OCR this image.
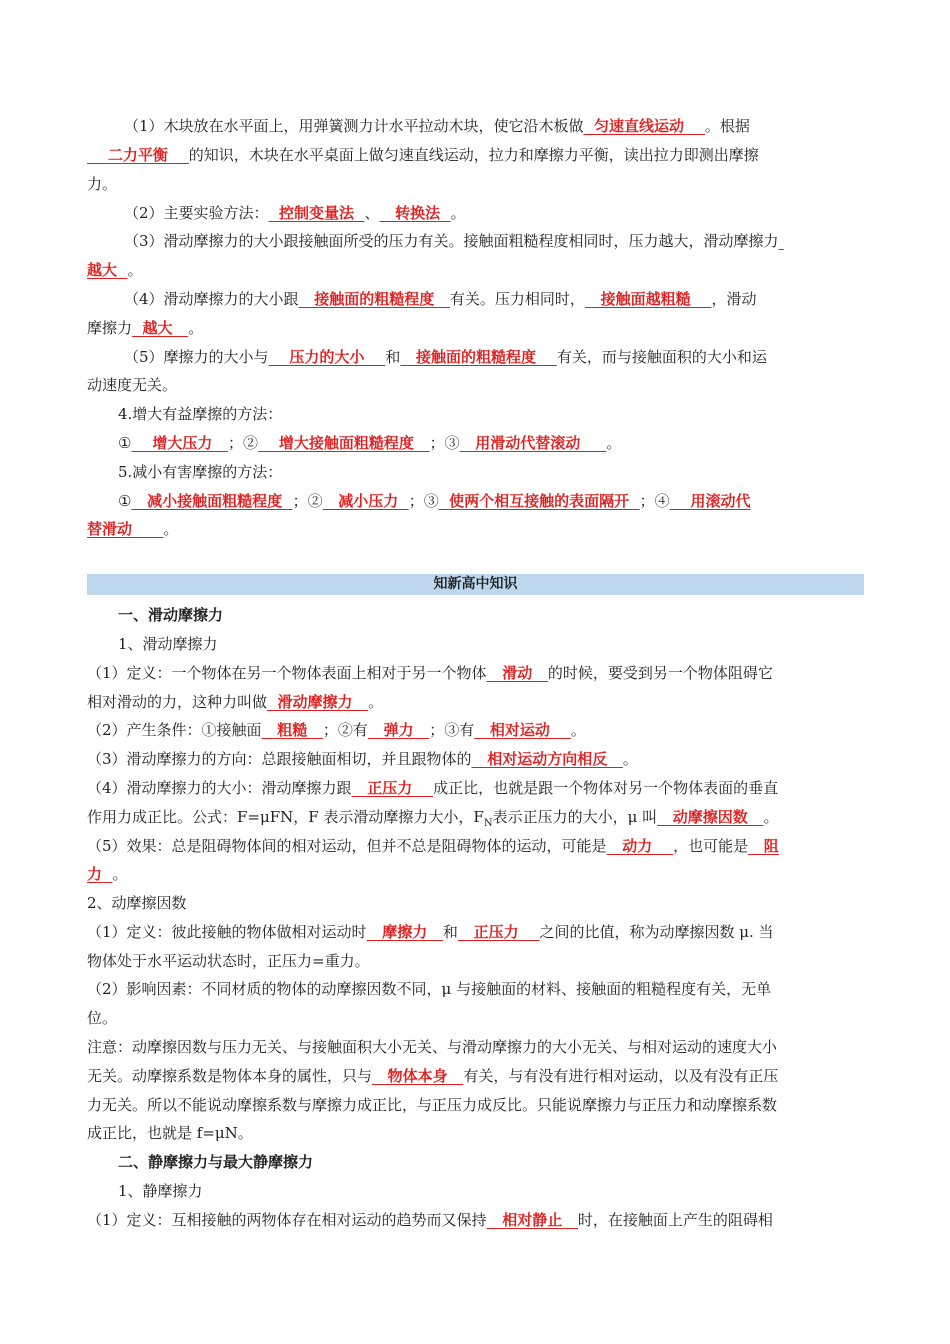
（1）木块放在水平面上，用弹簧测力计水平拉动木块，使它沿木板做  匀速直线运动    。根据
二力平衡    的知识，木块在水平桌面上做匀速直线运动，拉力和摩擦力平衡，读出拉力即测出摩擦
力。
（2）主要实验方法：  控制变量法  、   转换法  。
（3）滑动摩擦力的大小跟接触面所受的压力有关。接触面粗糙程度相同时，压力越大，滑动摩擦力
越大  。
（4）滑动摩擦力的大小跟   接触面的粗糙程度   有关。压力相同时，   接触面越粗糙    ，滑动
摩擦力  越大   。
（5）摩擦力的大小与    压力的大小    和   接触面的粗糙程度    有关，而与接触面积的大小和运
动速度无关。
4.增大有益摩擦的方法：
①    增大压力   ；②    增大接触面粗糙程度   ；③   用滑动代替滚动     。
5.减小有害摩擦的方法：
①   减小接触面粗糙程度  ；②   减小压力  ；③  使两个相互接触的表面隔开  ；④    用滚动代
替滑动      。
知新高中知识
一、滑动摩擦力
1、滑动摩擦力
（1）定义：一个物体在另一个物体表面上相对于另一个物体   滑动   的时候，要受到另一个物体阻碍它
相对滑动的力，这种力叫做  滑动摩擦力   。
（2）产生条件：①接触面   粗糙   ；②有   弹力   ；③有   相对运动    。
（3）滑动摩擦力的方向：总跟接触面相切，并且跟物体的   相对运动方向相反   。
（4）滑动摩擦力的大小：滑动摩擦力跟   正压力    成正比，也就是跟一个物体对另一个物体表面的垂直
作用力成正比。公式：F=μFN，F 表示滑动摩擦力大小，$F_N$表示正压力的大小，μ 叫   动摩擦因数   。
（5）效果：总是阻碍物体间的相对运动，但并不总是阻碍物体的运动，可能是   动力    ，也可能是   阻
力  。
2、动摩擦因数
（1）定义：彼此接触的物体做相对运动时   摩擦力   和   正压力    之间的比值，称为动摩擦因数 μ. 当
物体处于水平运动状态时，正压力=重力。
（2）影响因素：不同材质的物体的动摩擦因数不同，μ 与接触面的材料、接触面的粗糙程度有关，无单
位。
注意：动摩擦因数与压力无关、与接触面积大小无关、与滑动摩擦力的大小无关、与相对运动的速度大小
无关。动摩擦系数是物体本身的属性，只与   物体本身   有关，与有没有进行相对运动，以及有没有正压
力无关。所以不能说动摩擦系数与摩擦力成正比，与正压力成反比。只能说摩擦力与正压力和动摩擦系数
成正比，也就是 f=μN。
二、静摩擦力与最大静摩擦力
1、静摩擦力
（1）定义：互相接触的两物体存在相对运动的趋势而又保持   相对静止   时，在接触面上产生的阻碍相
